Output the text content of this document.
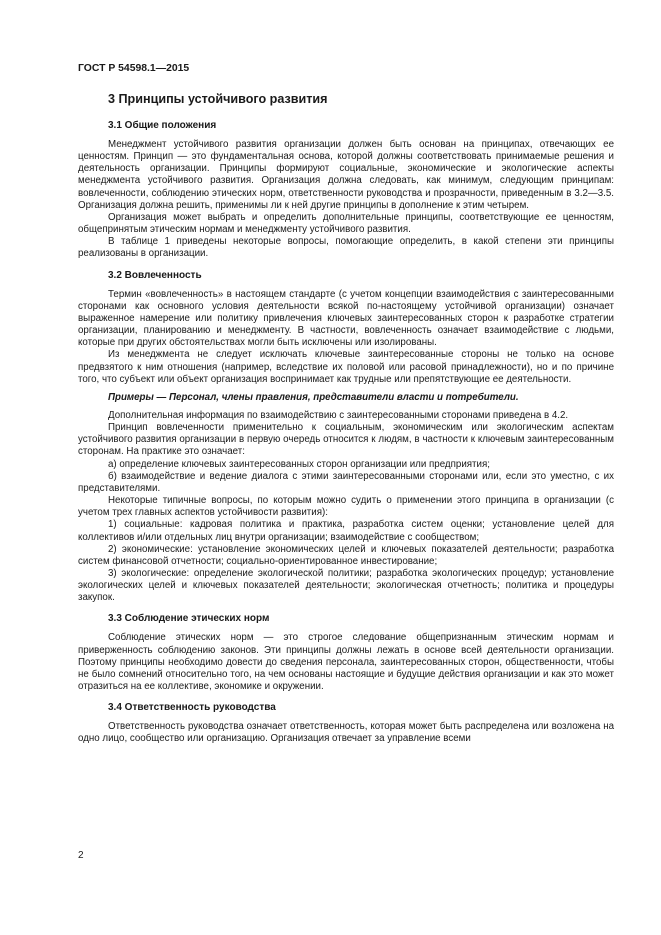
ГОСТ Р 54598.1—2015
3 Принципы устойчивого развития
3.1 Общие положения

Менеджмент устойчивого развития организации должен быть основан на принципах, отвечающих ее ценностям. Принцип — это фундаментальная основа, которой должны соответствовать принимаемые решения и деятельность организации. Принципы формируют социальные, экономические и экологические аспекты менеджмента устойчивого развития. Организация должна следовать, как минимум, следующим принципам: вовлеченности, соблюдению этических норм, ответственности руководства и прозрачности, приведенным в 3.2—3.5. Организация должна решить, применимы ли к ней другие принципы в дополнение к этим четырем.

Организация может выбрать и определить дополнительные принципы, соответствующие ее ценностям, общепринятым этическим нормам и менеджменту устойчивого развития.

В таблице 1 приведены некоторые вопросы, помогающие определить, в какой степени эти принципы реализованы в организации.

3.2 Вовлеченность

Термин «вовлеченность» в настоящем стандарте (с учетом концепции взаимодействия с заинтересованными сторонами как основного условия деятельности всякой по-настоящему устойчивой организации) означает выраженное намерение или политику привлечения ключевых заинтересованных сторон к разработке стратегии организации, планированию и менеджменту. В частности, вовлеченность означает взаимодействие с людьми, которые при других обстоятельствах могли быть исключены или изолированы.

Из менеджмента не следует исключать ключевые заинтересованные стороны не только на основе предвзятого к ним отношения (например, вследствие их половой или расовой принадлежности), но и по причине того, что субъект или объект организация воспринимает как трудные или препятствующие ее деятельности.

Примеры — Персонал, члены правления, представители власти и потребители.

Дополнительная информация по взаимодействию с заинтересованными сторонами приведена в 4.2.

Принцип вовлеченности применительно к социальным, экономическим или экологическим аспектам устойчивого развития организации в первую очередь относится к людям, в частности к ключевым заинтересованным сторонам. На практике это означает:

а) определение ключевых заинтересованных сторон организации или предприятия;

б) взаимодействие и ведение диалога с этими заинтересованными сторонами или, если это уместно, с их представителями.

Некоторые типичные вопросы, по которым можно судить о применении этого принципа в организации (с учетом трех главных аспектов устойчивости развития):

1) социальные: кадровая политика и практика, разработка систем оценки; установление целей для коллективов и/или отдельных лиц внутри организации; взаимодействие с сообществом;

2) экономические: установление экономических целей и ключевых показателей деятельности; разработка систем финансовой отчетности; социально-ориентированное инвестирование;

3) экологические: определение экологической политики; разработка экологических процедур; установление экологических целей и ключевых показателей деятельности; экологическая отчетность; политика и процедуры закупок.

3.3 Соблюдение этических норм

Соблюдение этических норм — это строгое следование общепризнанным этическим нормам и приверженность соблюдению законов. Эти принципы должны лежать в основе всей деятельности организации. Поэтому принципы необходимо довести до сведения персонала, заинтересованных сторон, общественности, чтобы не было сомнений относительно того, на чем основаны настоящие и будущие действия организации и как это может отразиться на ее коллективе, экономике и окружении.

3.4 Ответственность руководства

Ответственность руководства означает ответственность, которая может быть распределена или возложена на одно лицо, сообщество или организацию. Организация отвечает за управление всеми

2
